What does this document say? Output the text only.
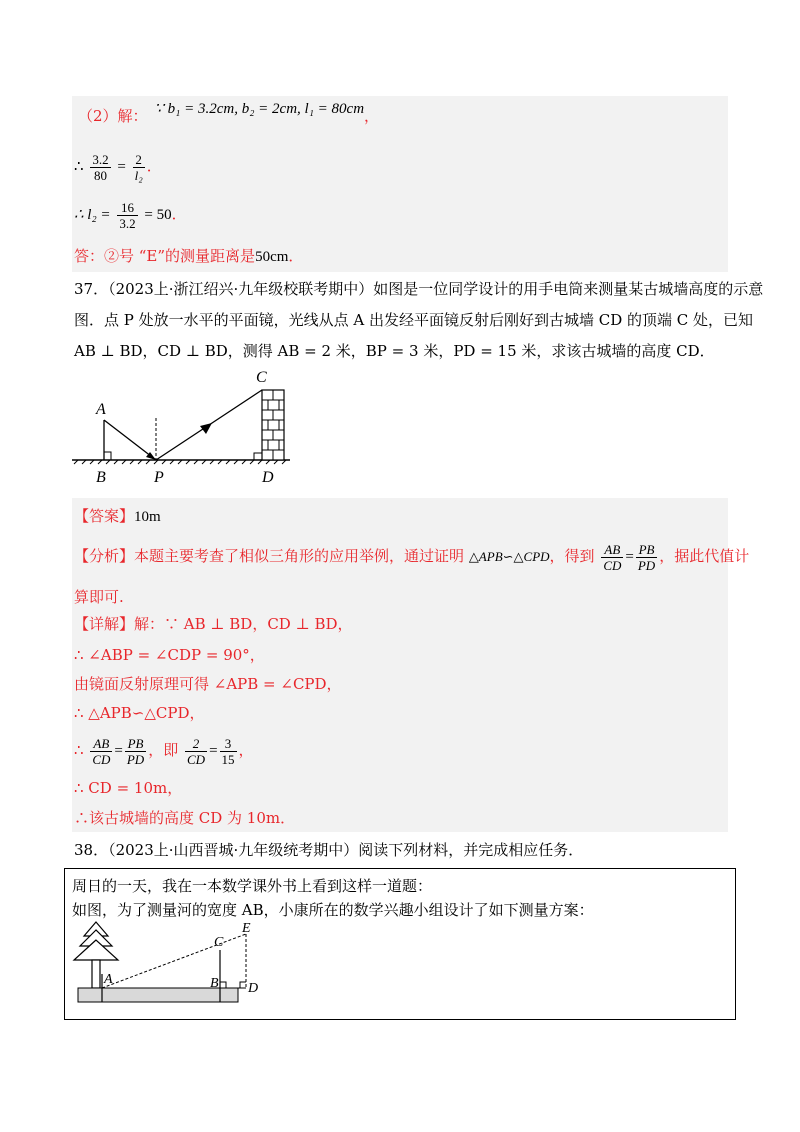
（2）解： ∵ b₁ = 3.2cm, b₂ = 2cm, l₁ = 80cm，
∴ $\frac{3.2}{80} = \frac{2}{\text{l₂}}$ ．
∴ $l_2 = \frac{16}{3.2} = 50$．
答：②号 “E”的测量距离是50cm．
37．（2023上·浙江绍兴·九年级校联考期中）如图是一位同学设计的用手电筒来测量某古城墙高度的示意
图．点 P 处放一水平的平面镜，光线从点 A 出发经平面镜反射后刚好到古城墙 CD 的顶端 C 处，已知
AB ⊥ BD，CD ⊥ BD，测得 AB = 2 米，BP = 3 米，PD = 15 米，求该古城墙的高度 CD．
A
B
C
D
P
【答案】10m
【分析】本题主要考查了相似三角形的应用举例，通过证明 △APB∽△CPD，得到 $\frac{AB}{CD} = \frac{PB}{PD}$ ，据此代值计
算即可.
【详解】解：∵ AB ⊥ BD，CD ⊥ BD，
∴ ∠ABP = ∠CDP = 90°，
由镜面反射原理可得 ∠APB = ∠CPD，
∴ △APB∽△CPD，
∴ $\frac{AB}{CD} = \frac{PB}{PD}$ ，即 $\frac{2}{CD} = \frac{3}{15}$ ，
∴ CD = 10m，
∴该古城墙的高度 CD 为 10m．
38．（2023上·山西晋城·九年级统考期中）阅读下列材料，并完成相应任务．
周日的一天，我在一本数学课外书上看到这样一道题：
如图，为了测量河的宽度 AB，小康所在的数学兴趣小组设计了如下测量方案：
A	B
C
D
E
